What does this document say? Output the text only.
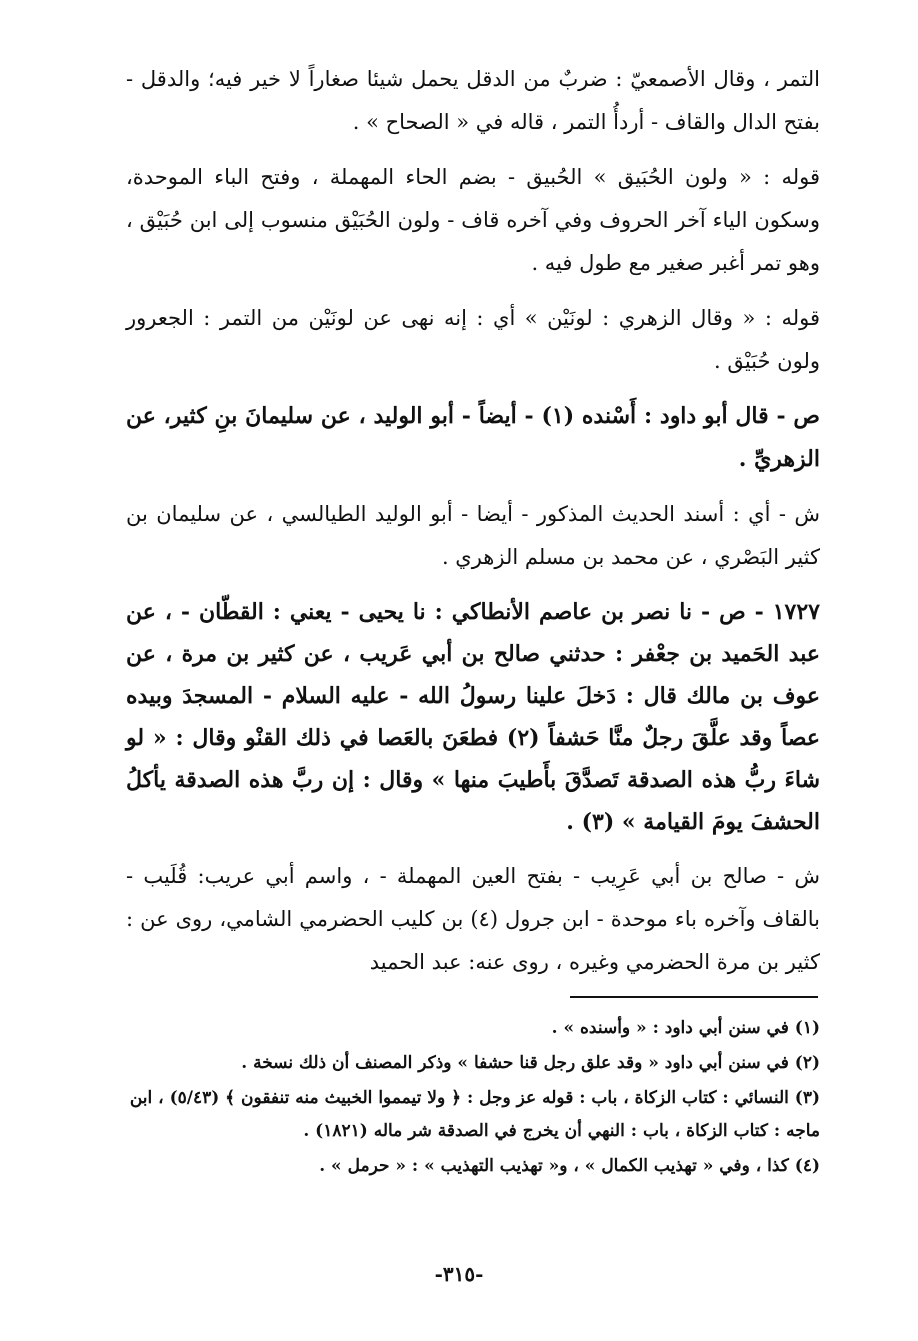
التمر ، وقال الأصمعيّ : ضربٌ من الدقل يحمل شيئا صغاراً لا خير فيه؛ والدقل - بفتح الدال والقاف - أردأُ التمر ، قاله في « الصحاح » .

قوله : « ولون الحُبَيق » الحُبيق - بضم الحاء المهملة ، وفتح الباء الموحدة، وسكون الياء آخر الحروف وفي آخره قاف - ولون الحُبَيْق منسوب إلى ابن حُبَيْق ، وهو تمر أغبر صغير مع طول فيه .

قوله : « وقال الزهري : لونَيْن » أي : إنه نهى عن لونَيْن من التمر : الجعرور ولون حُبَيْق .

ص - قال أبو داود : أَسْنده (١) - أيضاً - أبو الوليد ، عن سليمانَ بنِ كثير، عن الزهريِّ .

ش - أي : أسند الحديث المذكور - أيضا - أبو الوليد الطيالسي ، عن سليمان بن كثير البَصْري ، عن محمد بن مسلم الزهري .

١٧٢٧ - ص - نا نصر بن عاصم الأنطاكي : نا يحيى - يعني : القطّان - ، عن عبد الحَميد بن جعْفر : حدثني صالح بن أبي عَريب ، عن كثير بن مرة ، عن عوف بن مالك قال : دَخلَ علينا رسولُ الله - عليه السلام - المسجدَ وبيده عصاً وقد علَّقَ رجلٌ منَّا حَشفاً (٢) فطعَنَ بالعَصا في ذلك القنْو وقال : « لو شاءَ ربُّ هذه الصدقة تَصدَّقَ بأَطيبَ منها » وقال : إن ربَّ هذه الصدقة يأكلُ الحشفَ يومَ القيامة » (٣) .

ش - صالح بن أبي عَرِيب - بفتح العين المهملة - ، واسم أبي عريب: قُلَيب - بالقاف وآخره باء موحدة - ابن جرول (٤) بن كليب الحضرمي الشامي، روى عن : كثير بن مرة الحضرمي وغيره ، روى عنه: عبد الحميد

(١) في سنن أبي داود : « وأسنده » .

(٢) في سنن أبي داود « وقد علق رجل قنا حشفا » وذكر المصنف أن ذلك نسخة .

(٣) النسائي : كتاب الزكاة ، باب : قوله عز وجل : ﴿ ولا تيمموا الخبيث منه تنفقون ﴾ (٥/٤٣) ، ابن ماجه : كتاب الزكاة ، باب : النهي أن يخرج في الصدقة شر ماله (١٨٢١) .

(٤) كذا ، وفي « تهذيب الكمال » ، و« تهذيب التهذيب » : « حرمل » .

-٣١٥-
